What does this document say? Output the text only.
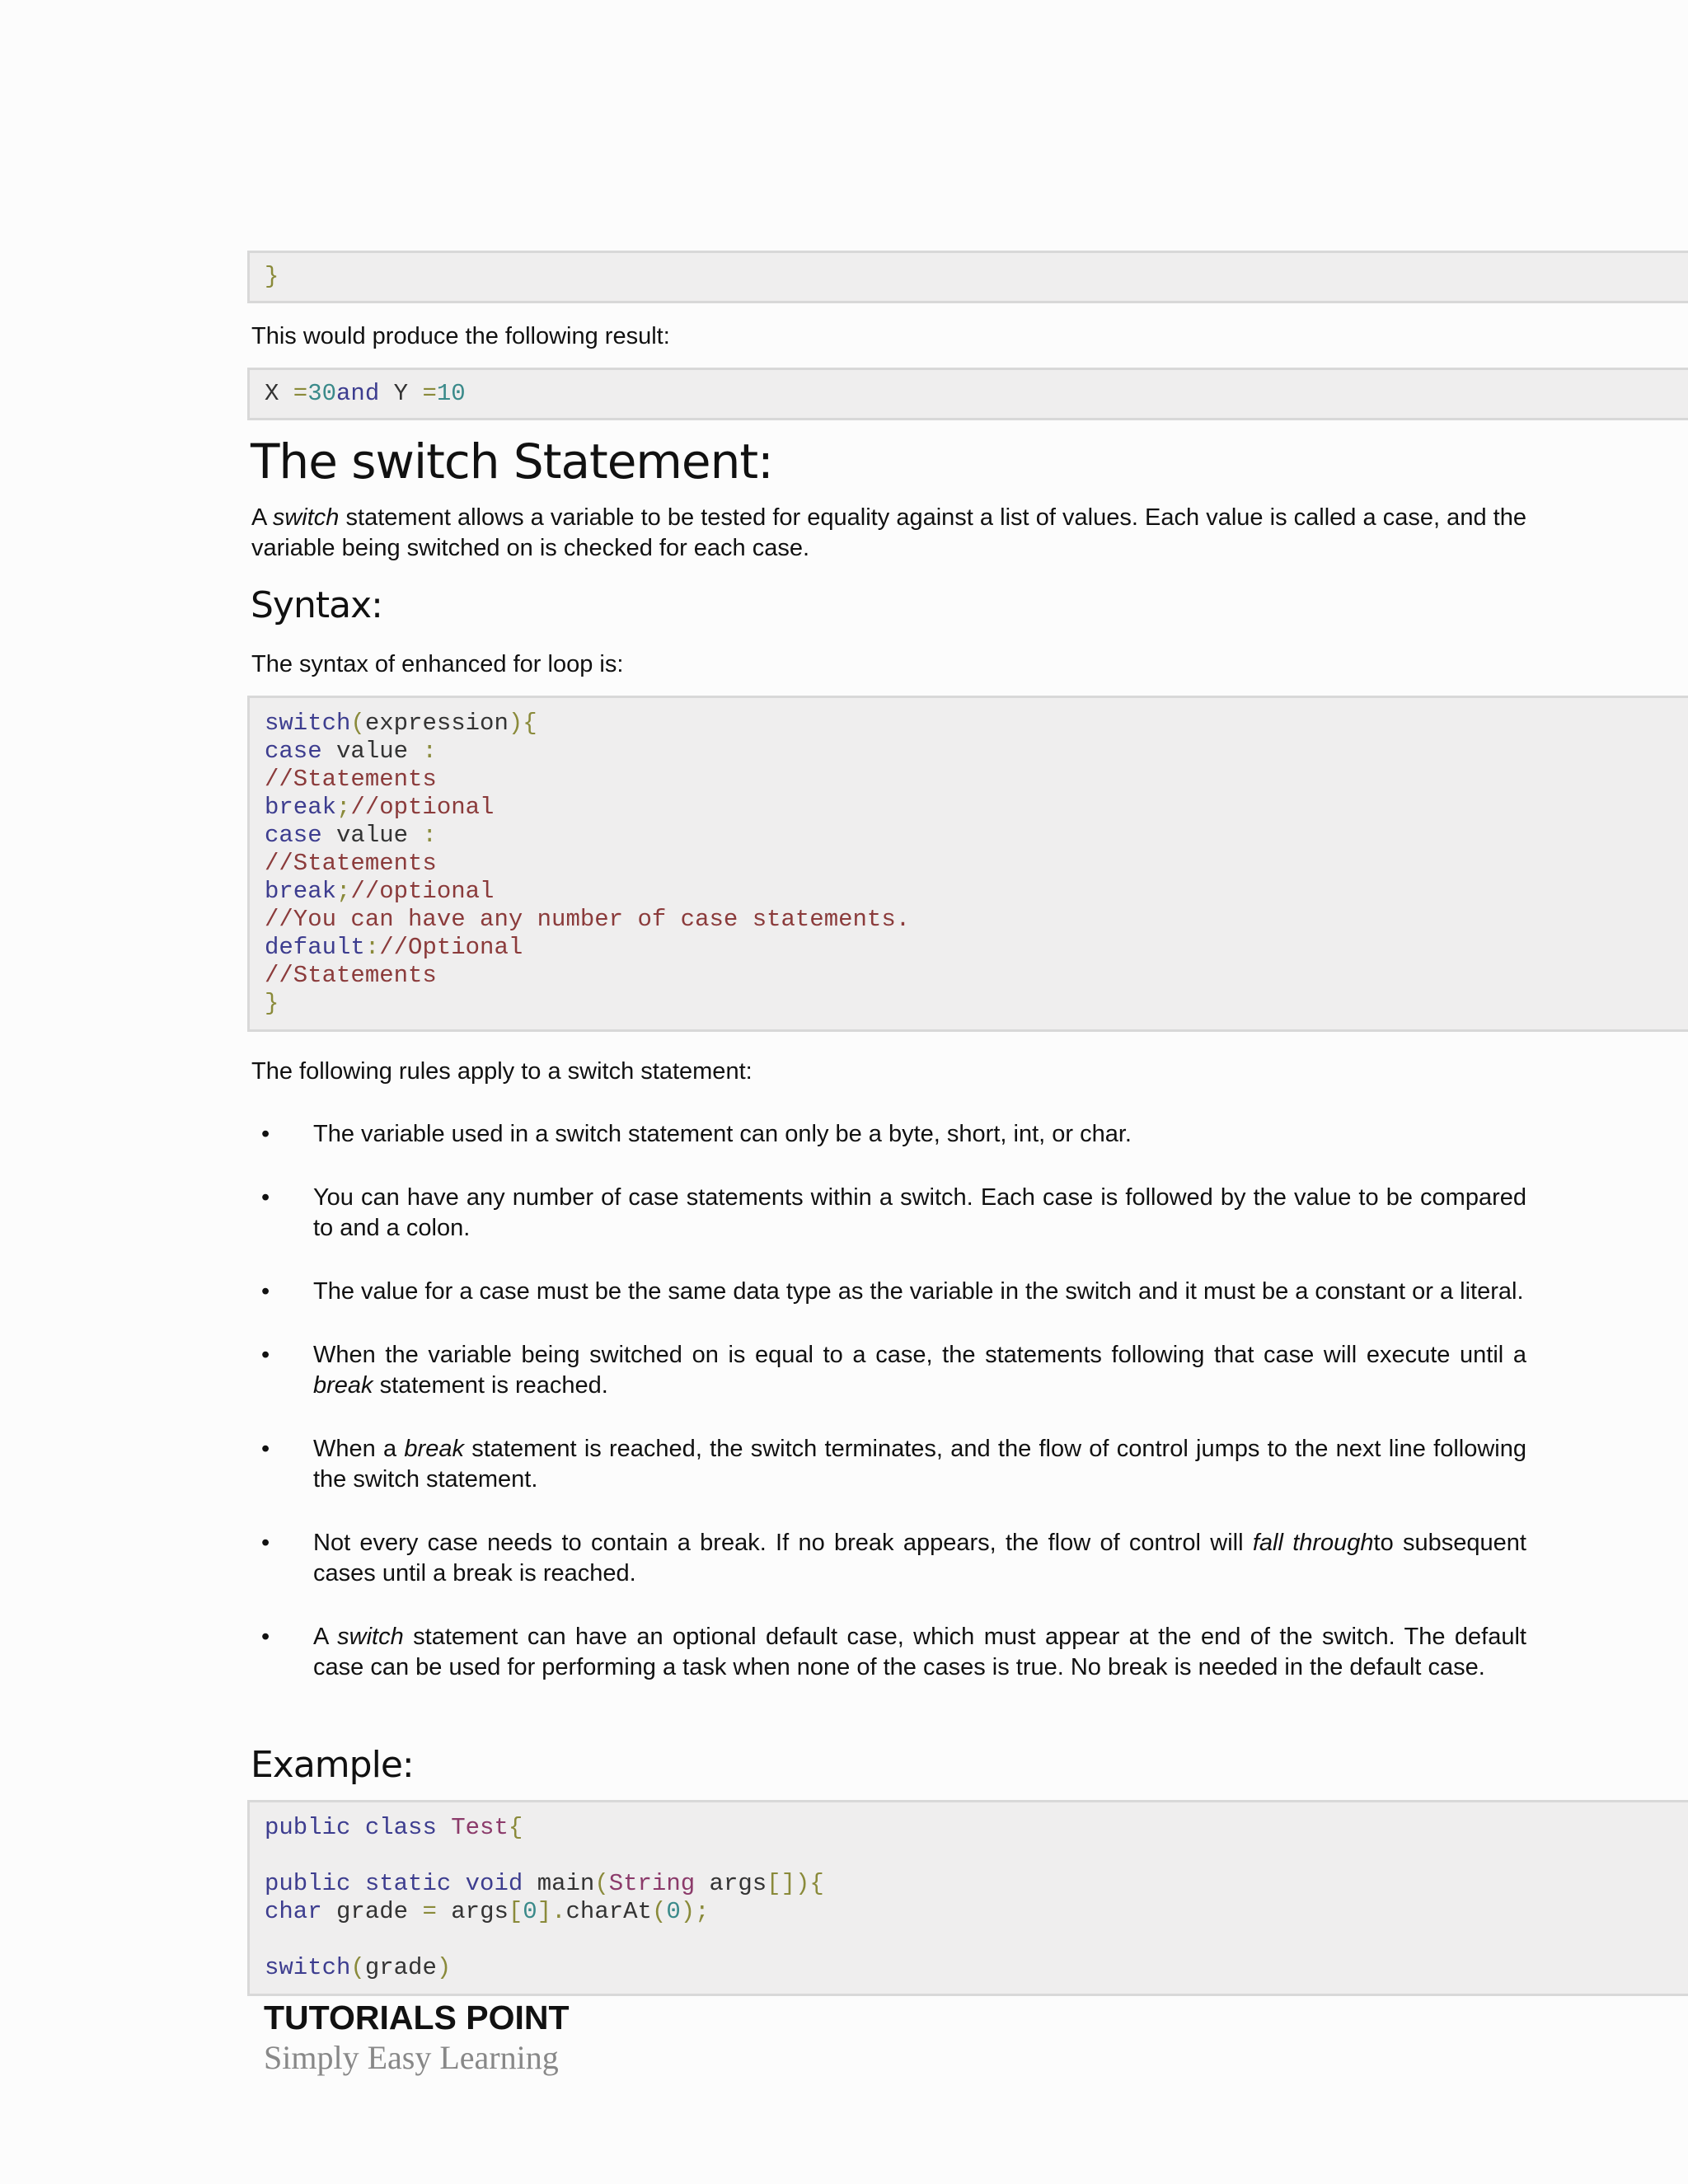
}
This would produce the following result:
X =30and Y =10
The switch Statement:
A switch statement allows a variable to be tested for equality against a list of values. Each value is called a case, and the variable being switched on is checked for each case.
Syntax:
The syntax of enhanced for loop is:
switch(expression){
case value :
//Statements
break;//optional
case value :
//Statements
break;//optional
//You can have any number of case statements.
default://Optional
//Statements
}
The following rules apply to a switch statement:
• The variable used in a switch statement can only be a byte, short, int, or char.
• You can have any number of case statements within a switch. Each case is followed by the value to be compared to and a colon.
• The value for a case must be the same data type as the variable in the switch and it must be a constant or a literal.
• When the variable being switched on is equal to a case, the statements following that case will execute until a break statement is reached.
• When a break statement is reached, the switch terminates, and the flow of control jumps to the next line following the switch statement.
• Not every case needs to contain a break. If no break appears, the flow of control will fall throughto subsequent cases until a break is reached.
• A switch statement can have an optional default case, which must appear at the end of the switch. The default case can be used for performing a task when none of the cases is true. No break is needed in the default case.
Example:
public class Test{

public static void main(String args[]){
char grade = args[0].charAt(0);

switch(grade)
TUTORIALS POINT
Simply Easy Learning
